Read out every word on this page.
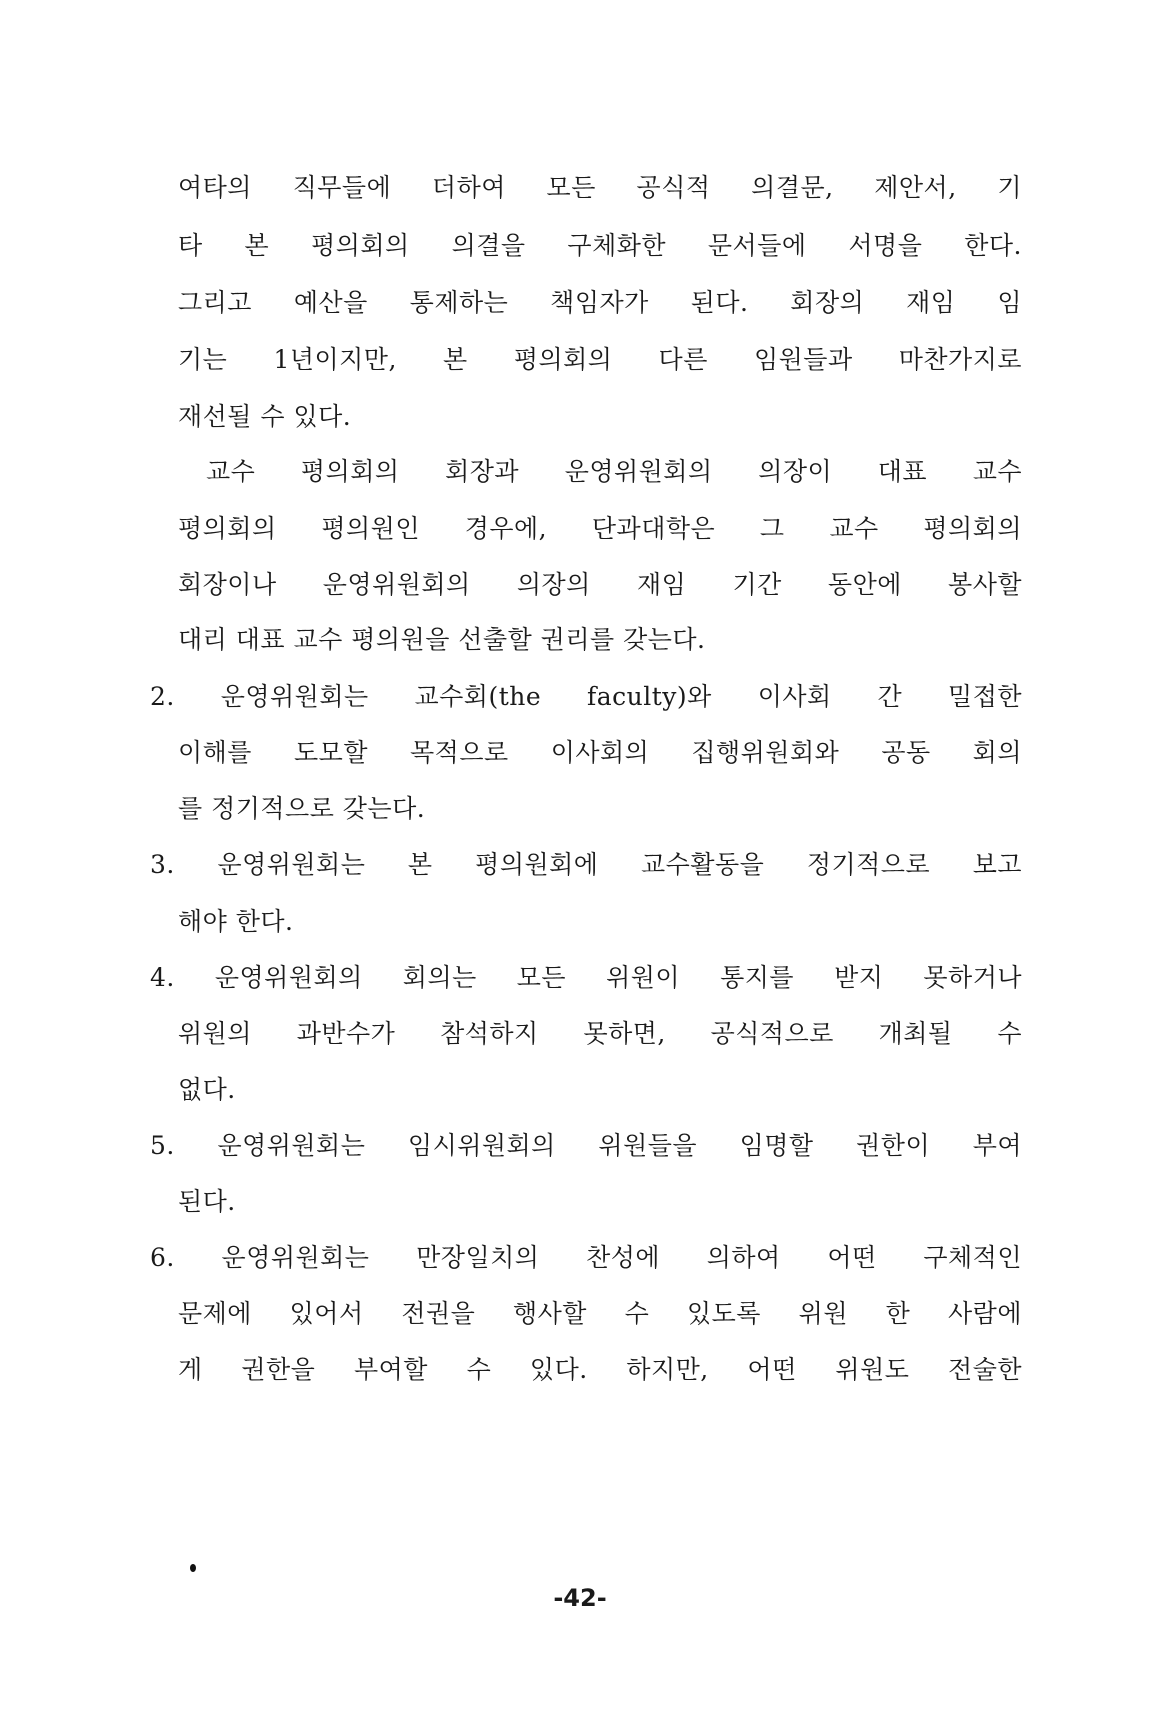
여타의 직무들에 더하여 모든 공식적 의결문, 제안서, 기
타 본 평의회의 의결을 구체화한 문서들에 서명을 한다.
그리고 예산을 통제하는 책임자가 된다. 회장의 재임 임
기는 1년이지만, 본 평의회의 다른 임원들과 마찬가지로
재선될 수 있다.
교수 평의회의 회장과 운영위원회의 의장이 대표 교수
평의회의 평의원인 경우에, 단과대학은 그 교수 평의회의
회장이나 운영위원회의 의장의 재임 기간 동안에 봉사할
대리 대표 교수 평의원을 선출할 권리를 갖는다.
2. 운영위원회는 교수회(the faculty)와 이사회 간 밀접한
이해를 도모할 목적으로 이사회의 집행위원회와 공동 회의
를 정기적으로 갖는다.
3. 운영위원회는 본 평의원회에 교수활동을 정기적으로 보고
해야 한다.
4. 운영위원회의 회의는 모든 위원이 통지를 받지 못하거나
위원의 과반수가 참석하지 못하면, 공식적으로 개최될 수
없다.
5. 운영위원회는 임시위원회의 위원들을 임명할 권한이 부여
된다.
6. 운영위원회는 만장일치의 찬성에 의하여 어떤 구체적인
문제에 있어서 전권을 행사할 수 있도록 위원 한 사람에
게 권한을 부여할 수 있다. 하지만, 어떤 위원도 전술한
-42-
